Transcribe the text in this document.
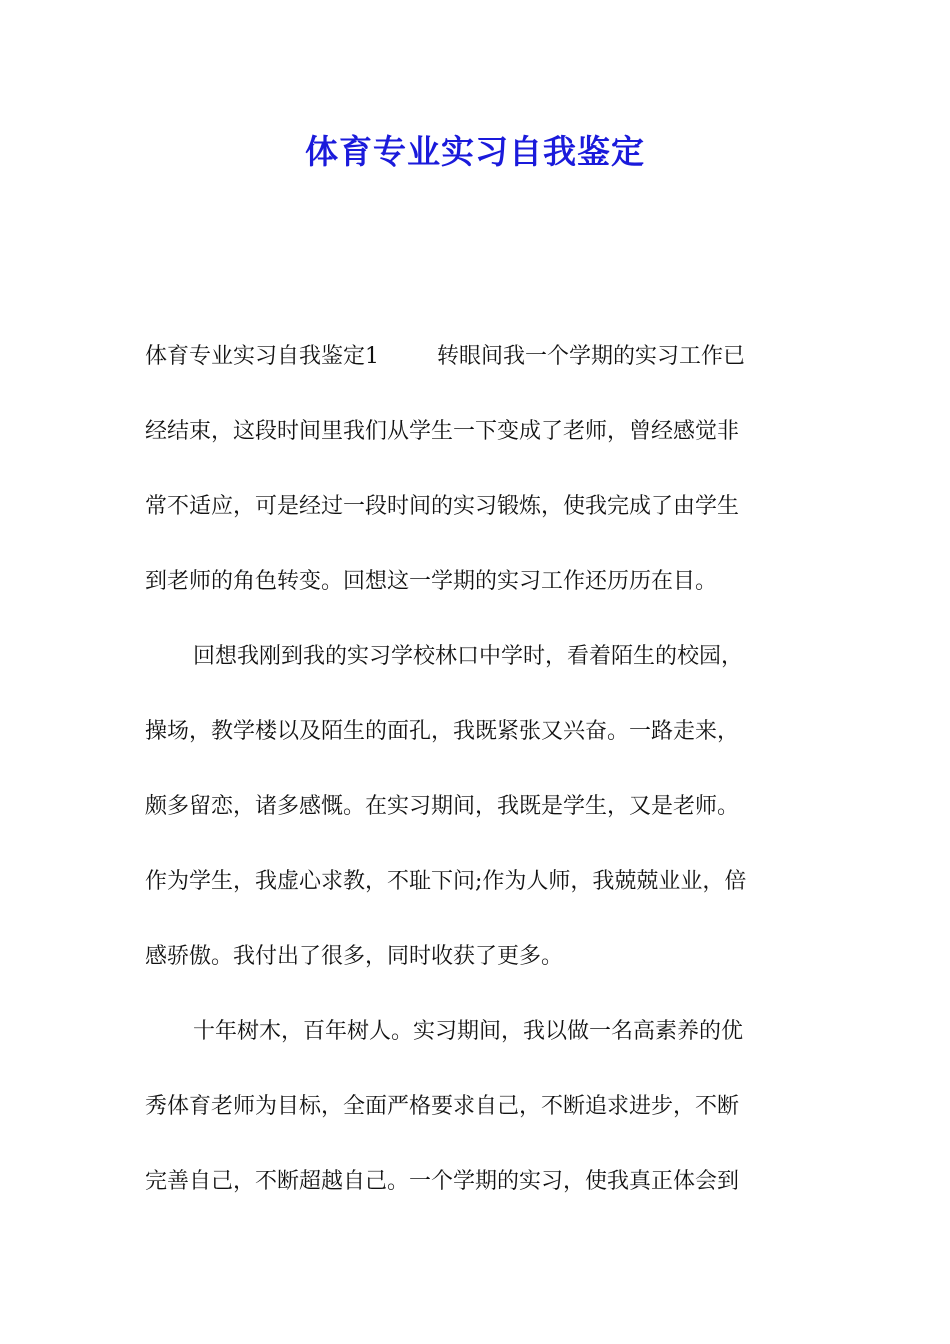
体育专业实习自我鉴定

体育专业实习自我鉴定1	转眼间我一个学期的实习工作已
经结束，这段时间里我们从学生一下变成了老师，曾经感觉非
常不适应，可是经过一段时间的实习锻炼，使我完成了由学生
到老师的角色转变。回想这一学期的实习工作还历历在目。

回想我刚到我的实习学校林口中学时，看着陌生的校园，
操场，教学楼以及陌生的面孔，我既紧张又兴奋。一路走来，
颇多留恋，诸多感慨。在实习期间，我既是学生，又是老师。
作为学生，我虚心求教，不耻下问;作为人师，我兢兢业业，倍
感骄傲。我付出了很多，同时收获了更多。

十年树木，百年树人。实习期间，我以做一名高素养的优
秀体育老师为目标，全面严格要求自己，不断追求进步，不断
完善自己，不断超越自己。一个学期的实习，使我真正体会到
